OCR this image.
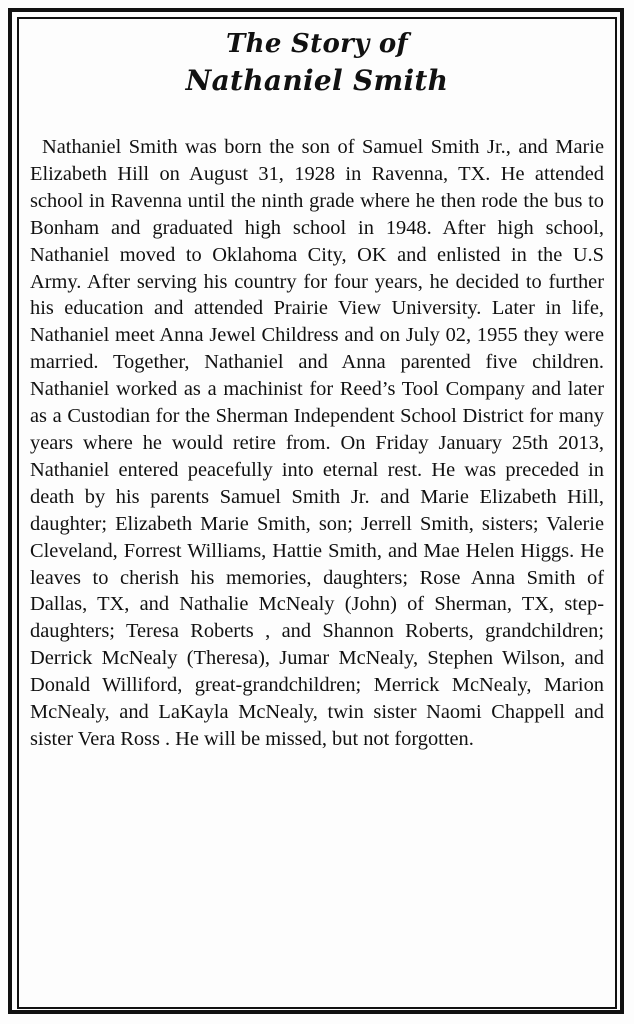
The Story of
Nathaniel Smith

Nathaniel Smith was born the son of Samuel Smith Jr., and Marie Elizabeth Hill on August 31, 1928 in Ravenna, TX. He attended school in Ravenna until the ninth grade where he then rode the bus to Bonham and graduated high school in 1948. After high school, Nathaniel moved to Oklahoma City, OK and enlisted in the U.S Army. After serving his country for four years, he decided to further his education and attended Prairie View University. Later in life, Nathaniel meet Anna Jewel Childress and on July 02, 1955 they were married. Together, Nathaniel and Anna parented five children. Nathaniel worked as a machinist for Reed’s Tool Company and later as a Custodian for the Sherman Independent School District for many years where he would retire from. On Friday January 25th 2013, Nathaniel entered peacefully into eternal rest. He was preceded in death by his parents Samuel Smith Jr. and Marie Elizabeth Hill, daughter; Elizabeth Marie Smith, son; Jerrell Smith, sisters; Valerie Cleveland, Forrest Williams, Hattie Smith, and Mae Helen Higgs. He leaves to cherish his memories, daughters; Rose Anna Smith of Dallas, TX, and Nathalie McNealy (John) of Sherman, TX, step-daughters; Teresa Roberts , and Shannon Roberts, grandchildren; Derrick McNealy (Theresa), Jumar McNealy, Stephen Wilson, and Donald Williford, great-grandchildren; Merrick McNealy, Marion McNealy, and LaKayla McNealy, twin sister Naomi Chappell and sister Vera Ross . He will be missed, but not forgotten.
